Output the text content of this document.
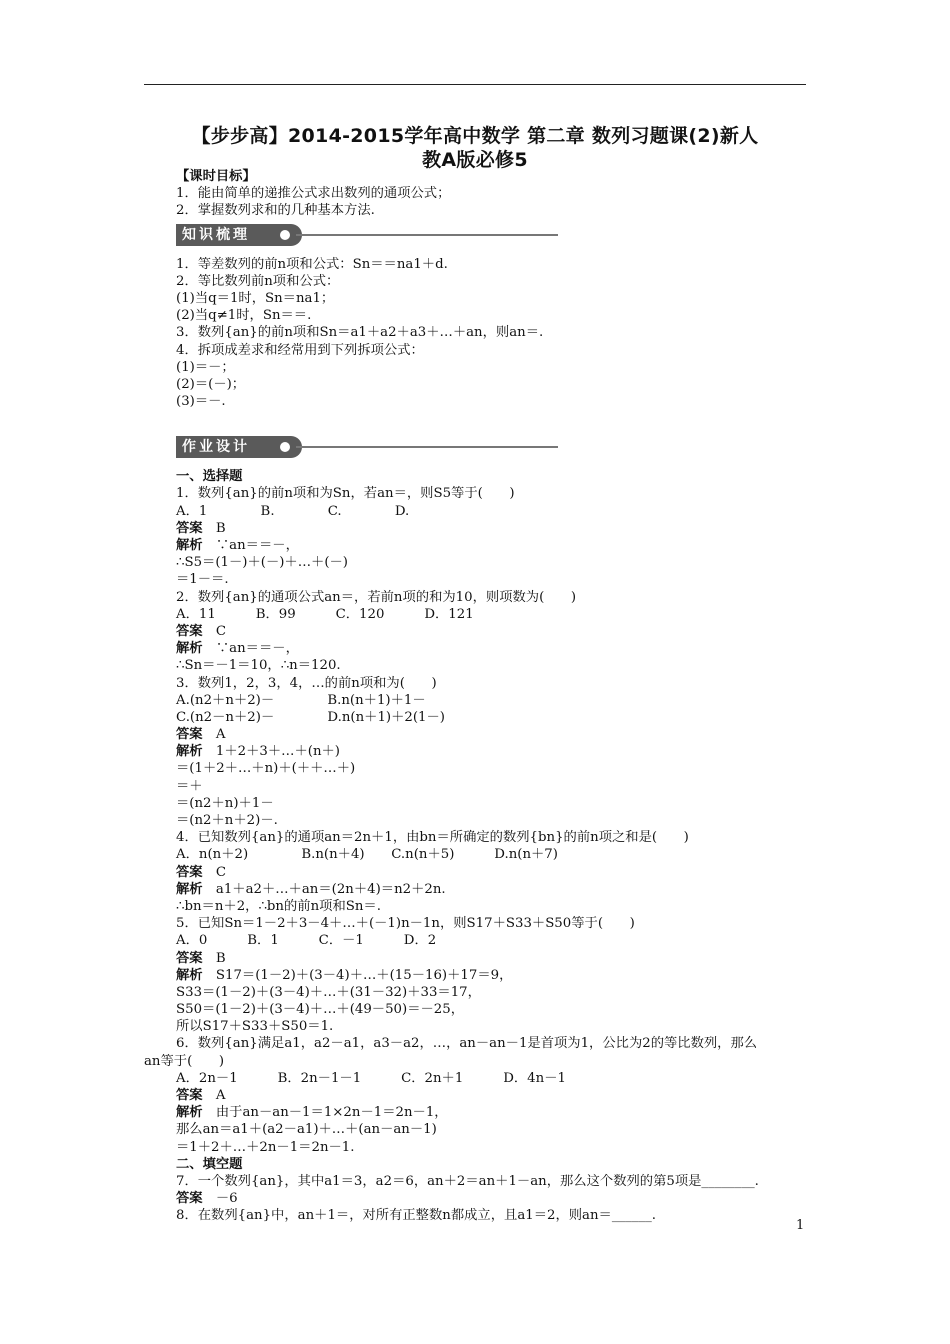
【步步高】2014-2015学年高中数学 第二章 数列习题课(2)新人
教A版必修5
【课时目标】
1．能由简单的递推公式求出数列的通项公式；
2．掌握数列求和的几种基本方法.
知识梳理
1．等差数列的前n项和公式：Sn＝＝na1＋d.
2．等比数列前n项和公式：
(1)当q＝1时，Sn＝na1；
(2)当q≠1时，Sn＝＝.
3．数列{an}的前n项和Sn＝a1＋a2＋a3＋…＋an，则an＝.
4．拆项成差求和经常用到下列拆项公式：
(1)＝－；
(2)＝(－)；
(3)＝－.
作业设计
一、选择题
1．数列{an}的前n项和为Sn，若an＝，则S5等于(　　)
A．1　　　　B.　　　　C.　　　　D.
答案　B
解析　∵an＝＝－，
∴S5＝(1－)＋(－)＋…＋(－)
＝1－＝.
2．数列{an}的通项公式an＝，若前n项的和为10，则项数为(　　)
A．11　　　B．99　　　C．120　　　D．121
答案　C
解析　∵an＝＝－，
∴Sn＝－1＝10，∴n＝120.
3．数列1，2，3，4，…的前n项和为(　　)
A.(n2＋n＋2)－　　　　B.n(n＋1)＋1－
C.(n2－n＋2)－　　　　D.n(n＋1)＋2(1－)
答案　A
解析　1＋2＋3＋…＋(n＋)
＝(1＋2＋…＋n)＋(＋＋…＋)
＝＋
＝(n2＋n)＋1－
＝(n2＋n＋2)－.
4．已知数列{an}的通项an＝2n＋1，由bn＝所确定的数列{bn}的前n项之和是(　　)
A．n(n＋2)　　　　B.n(n＋4)　　C.n(n＋5)　　　D.n(n＋7)
答案　C
解析　a1＋a2＋…＋an＝(2n＋4)＝n2＋2n.
∴bn＝n＋2，∴bn的前n项和Sn＝.
5．已知Sn＝1－2＋3－4＋…＋(－1)n－1n，则S17＋S33＋S50等于(　　)
A．0　　　B．1　　　C．－1　　　D．2
答案　B
解析　S17＝(1－2)＋(3－4)＋…＋(15－16)＋17＝9，
S33＝(1－2)＋(3－4)＋…＋(31－32)＋33＝17，
S50＝(1－2)＋(3－4)＋…＋(49－50)＝－25，
所以S17＋S33＋S50＝1.
6．数列{an}满足a1，a2－a1，a3－a2，…，an－an－1是首项为1，公比为2的等比数列，那么
an等于(　　)
A．2n－1　　　B．2n－1－1　　　C．2n＋1　　　D．4n－1
答案　A
解析　由于an－an－1＝1×2n－1＝2n－1，
那么an＝a1＋(a2－a1)＋…＋(an－an－1)
＝1＋2＋…＋2n－1＝2n－1.
二、填空题
7．一个数列{an}，其中a1＝3，a2＝6，an＋2＝an＋1－an，那么这个数列的第5项是________.
答案　－6
8．在数列{an}中，an＋1＝，对所有正整数n都成立，且a1＝2，则an＝______.
1
